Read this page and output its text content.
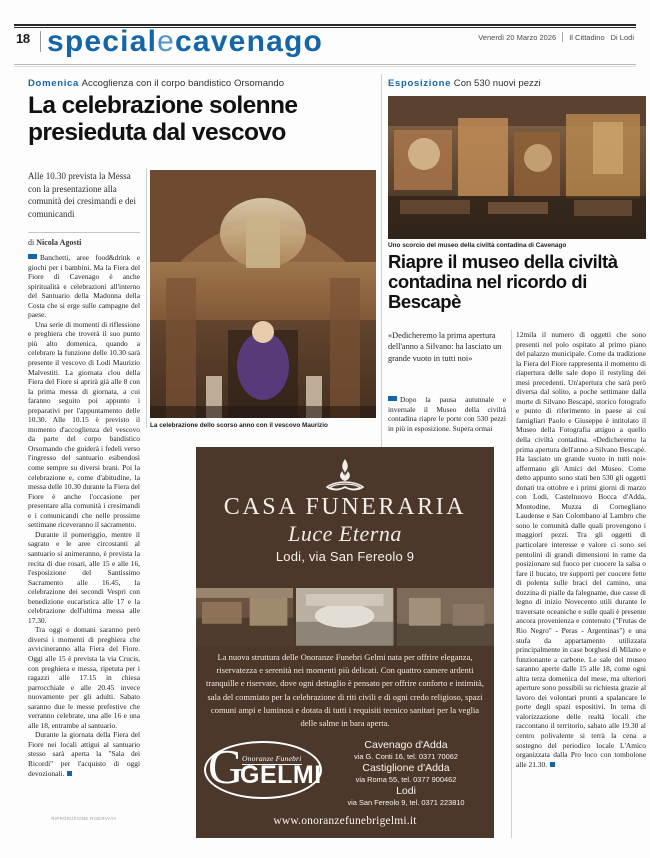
18 specialecavenago	Venerdì 20 Marzo 2026 Il Cittadino Di Lodi
Domenica Accoglienza con il corpo bandistico Orsomando
La celebrazione solenne presieduta dal vescovo
Alle 10.30 prevista la Messa con la presentazione alla comunità dei cresimandi e dei comunicandi
di Nicola Agosti

Banchetti, aree food&drink e giochi per i bambini. Ma la Fiera del Fiore di Cavenago è anche spiritualità e celebrazioni all'interno del Santuario della Madonna della Costa che si erge sulle campagne del paese.

Una serie di momenti di riflessione e preghiera che troverà il suo punto più alto domenica, quando a celebrare la funzione delle 10.30 sarà presente il vescovo di Lodi Maurizio Malvestiti. La giornata clou della Fiera del Fiore si aprirà già alle 8 con la prima messa di giornata, a cui faranno seguito poi appunto i preparativi per l'appuntamento delle 10.30. Alle 10.15 è previsto il momento d'accoglienza del vescovo da parte del corpo bandistico Orsomando che guiderà i fedeli verso l'ingresso del santuario esibendosi come sempre su diversi brani. Poi la celebrazione e, come d'abitudine, la messa delle 10.30 durante la Fiera del Fiore è anche l'occasione per presentare alla comunità i cresimandi e i comunicandi che nelle prossime settimane riceveranno il sacramento.

Durante il pomeriggio, mentre il sagrato e le aree circostanti al santuario si animeranno, è prevista la recita di due rosari, alle 15 e alle 16, l'esposizione del Santissimo Sacramento alle 16.45, la celebrazione dei secondi Vespri con benedizione eucaristica alle 17 e la celebrazione dell'ultima messa alle 17.30.

Tra oggi e domani saranno però diversi i momenti di preghiera che avvicineranno alla Fiera del Fiore. Oggi alle 15 è prevista la via Crucis, con preghiera e messa, ripetuta per i ragazzi alle 17.15 in chiesa parrocchiale e alle 20.45 invece nuovamente per gli adulti. Sabato saranno due le messe prefestive che verranno celebrate, una alle 16 e una alle 18, entrambe al santuario.

Durante la giornata della Fiera del Fiore nei locali attigui al santuario stesso sarà aperta la "Sala dei Ricordi" per l'acquisto di oggi devozionali.

RIPRODUZIONE RISERVATA
La celebrazione dello scorso anno con il vescovo Maurizio
Esposizione Con 530 nuovi pezzi
Uno scorcio del museo della civiltà contadina di Cavenago
Riapre il museo della civiltà contadina nel ricordo di Bescapè
«Dedicheremo la prima apertura dell'anno a Silvano: ha lasciato un grande vuoto in tutti noi»

Dopo la pausa autunnale e invernale il Museo della civiltà contadina riapre le porte con 530 pezzi in più in esposizione. Supera ormai

12mila il numero di oggetti che sono presenti nel polo ospitato al primo piano del palazzo municipale. Come da tradizione la Fiera del Fiore rappresenta il momento di riapertura delle sale dopo il restyling dei mesi precedenti. Un'apertura che sarà però diversa dal solito, a poche settimane dalla morte di Silvano Bescapè, storico fotografo e punto di riferimento in paese ai cui famigliari Paolo e Giuseppe è intitolato il Museo della Fotografia attiguo a quello della civiltà contadina. «Dedicheremo la prima apertura dell'anno a Silvano Bescapè. Ha lasciato un grande vuoto in tutti noi» affermano gli Amici del Museo. Come detto appunto sono stati ben 530 gli oggetti donati tra ottobre e i primi giorni di marzo con Lodi, Castelnuovo Bocca d'Adda, Montodine, Muzza di Cornegliano Laudense e San Colombano al Lambro che sono le comunità dalle quali provengono i maggiori pezzi. Tra gli oggetti di particolare interesse e valore ci sono sei pentolini di grandi dimensioni in rame da posizionare sul fuoco per cuocere la salsa o fare il bucato, tre supporti per cuocere fette di polenta sulle braci del camino, una dozzina di pialle da falegname, due casse di legno di inizio Novecento utili durante le traversate oceaniche e sulle quali è presente ancora provenienza e contenuto ("Frutas de Rio Negro" - Peras - Argentinas") e una stufa da appartamento utilizzata principalmente in case borghesi di Milano e funzionante a carbone. Le sale del museo saranno aperte dalle 15 alle 18, come ogni altra terza domenica del mese, ma ulteriori aperture sono possibili su richiesta grazie al lavoro dei volontari pronti a spalancare le porte degli spazi espositivi. In tema di valorizzazione delle realtà locali che raccontano il territorio, sabato alle 19.30 al centro polivalente si terrà la cena a sostegno del periodico locale L'Amico organizzata dalla Pro loco con tombolone alle 21.30.

CASA FUNERARIA
Luce Eterna
Lodi, via San Fereolo 9
La nuova struttura delle Onoranze Funebri Gelmi nata per offrire eleganza, riservatezza e serenità nei momenti più delicati. Con quattro camere ardenti tranquille e riservate, dove ogni dettaglio è pensato per offrire conforto e intimità, sala del commiato per la celebrazione di riti civili e di ogni credo religioso, spazi comuni ampi e luminosi e dotata di tutti i requisiti tecnico sanitari per la veglia delle salme in bara aperta.
G
Onoranze Funebri
GELMI
Cavenago d'Adda
via G. Conti 16, tel. 0371 70062
Castiglione d'Adda
via Roma 55, tel. 0377 900462
Lodi
via San Fereolo 9, tel. 0371 223810
www.onoranzefunebrigelmi.it
